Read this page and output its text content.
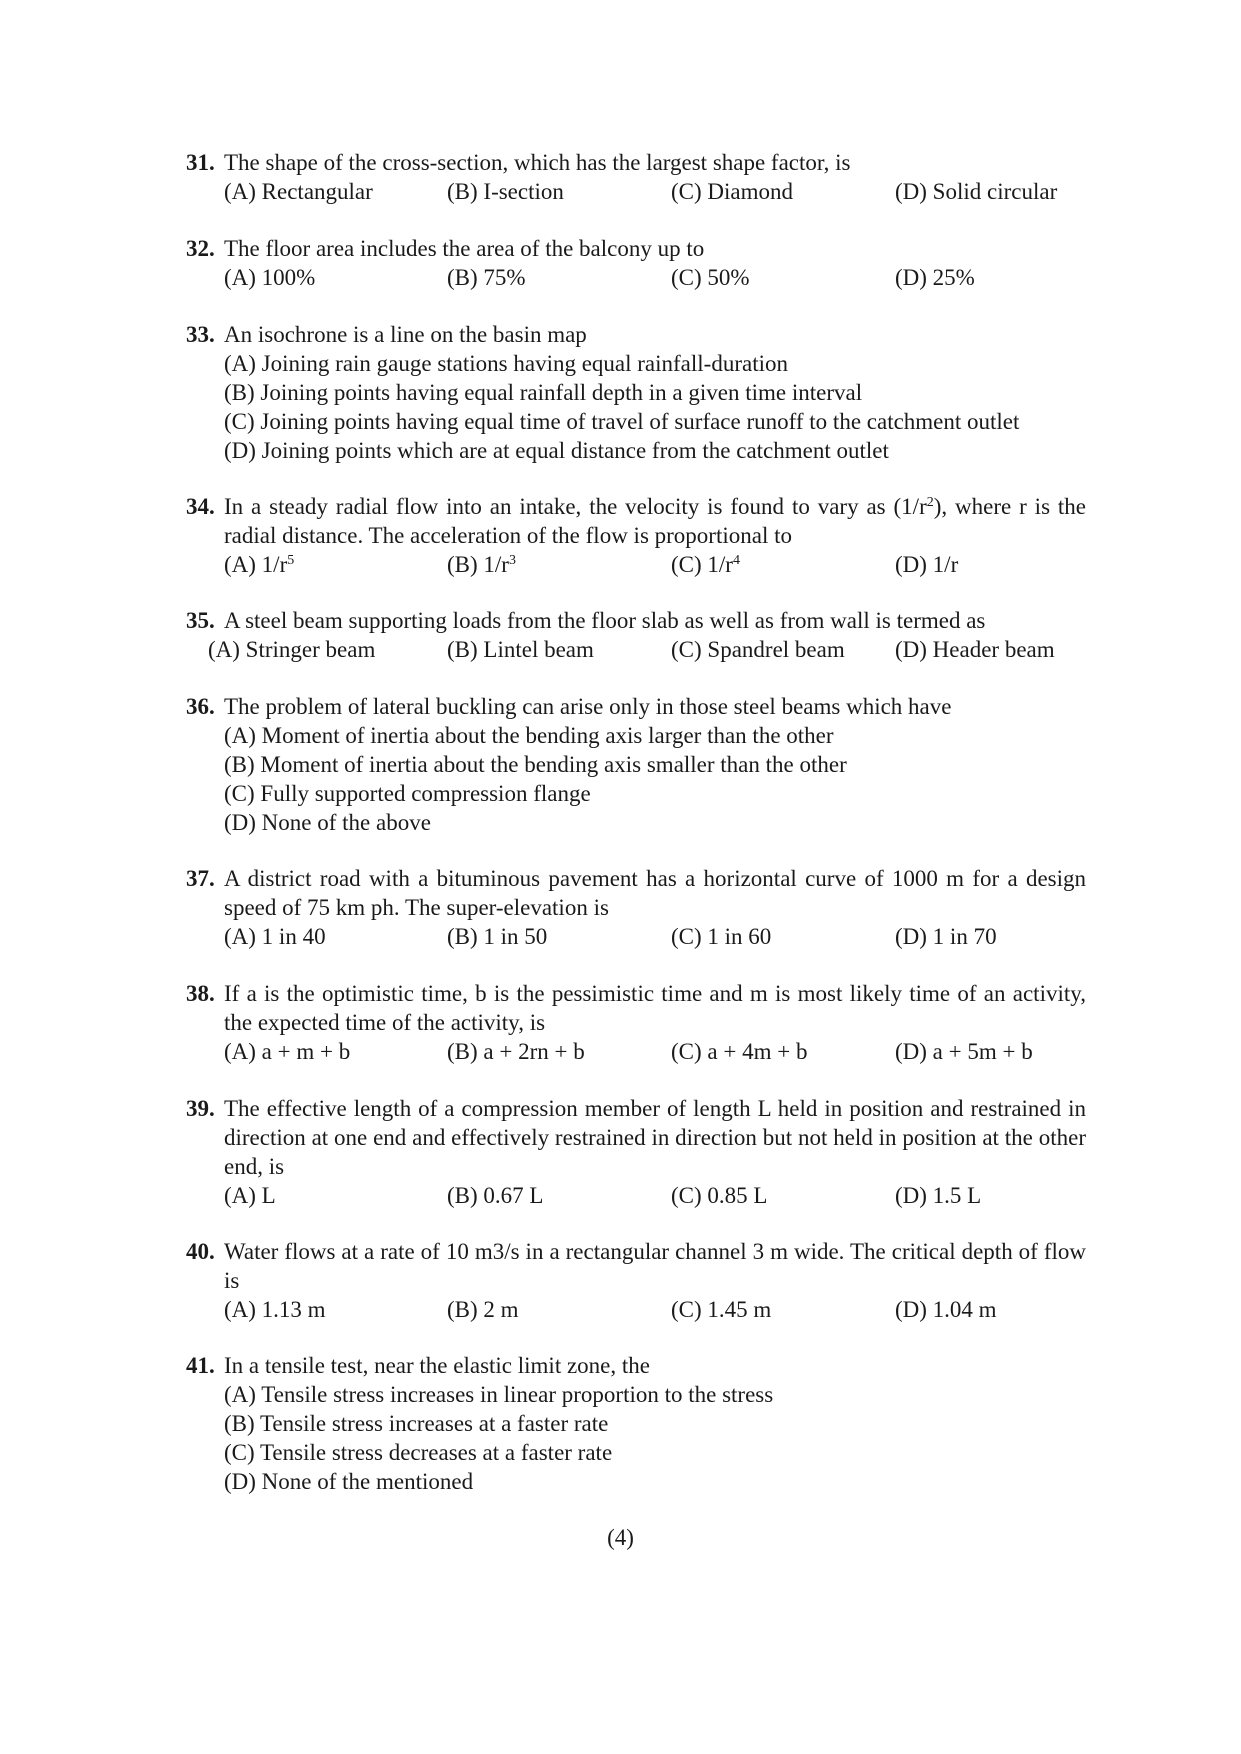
31. The shape of the cross-section, which has the largest shape factor, is
(A) Rectangular	(B) I-section	(C) Diamond	(D) Solid circular
32. The floor area includes the area of the balcony up to
(A) 100%	(B) 75%	(C) 50%	(D) 25%
33. An isochrone is a line on the basin map
(A) Joining rain gauge stations having equal rainfall-duration
(B) Joining points having equal rainfall depth in a given time interval
(C) Joining points having equal time of travel of surface runoff to the catchment outlet
(D) Joining points which are at equal distance from the catchment outlet
34. In a steady radial flow into an intake, the velocity is found to vary as $(1/r^2)$, where r is the radial distance. The acceleration of the flow is proportional to
(A) $1/r^5$	(B) $1/r^3$	(C) $1/r^4$	(D) 1/r
35. A steel beam supporting loads from the floor slab as well as from wall is termed as
(A) Stringer beam	(B) Lintel beam	(C) Spandrel beam (D) Header beam
36. The problem of lateral buckling can arise only in those steel beams which have
(A) Moment of inertia about the bending axis larger than the other
(B) Moment of inertia about the bending axis smaller than the other
(C) Fully supported compression flange
(D) None of the above
37. A district road with a bituminous pavement has a horizontal curve of 1000 m for a design speed of 75 km ph. The super-elevation is
(A) 1 in 40	(B) 1 in 50	(C) 1 in 60	(D) 1 in 70
38. If a is the optimistic time, b is the pessimistic time and m is most likely time of an activity, the expected time of the activity, is
(A) a + m + b	(B) a + 2rn + b	(C) a + 4m + b	(D) a + 5m + b
39. The effective length of a compression member of length L held in position and restrained in direction at one end and effectively restrained in direction but not held in position at the other end, is
(A) L	(B) 0.67 L	(C) 0.85 L	(D) 1.5 L
40. Water flows at a rate of 10 m3/s in a rectangular channel 3 m wide. The critical depth of flow is
(A) 1.13 m	(B) 2 m	(C) 1.45 m	(D) 1.04 m
41. In a tensile test, near the elastic limit zone, the
(A) Tensile stress increases in linear proportion to the stress
(B) Tensile stress increases at a faster rate
(C) Tensile stress decreases at a faster rate
(D) None of the mentioned
(4)
